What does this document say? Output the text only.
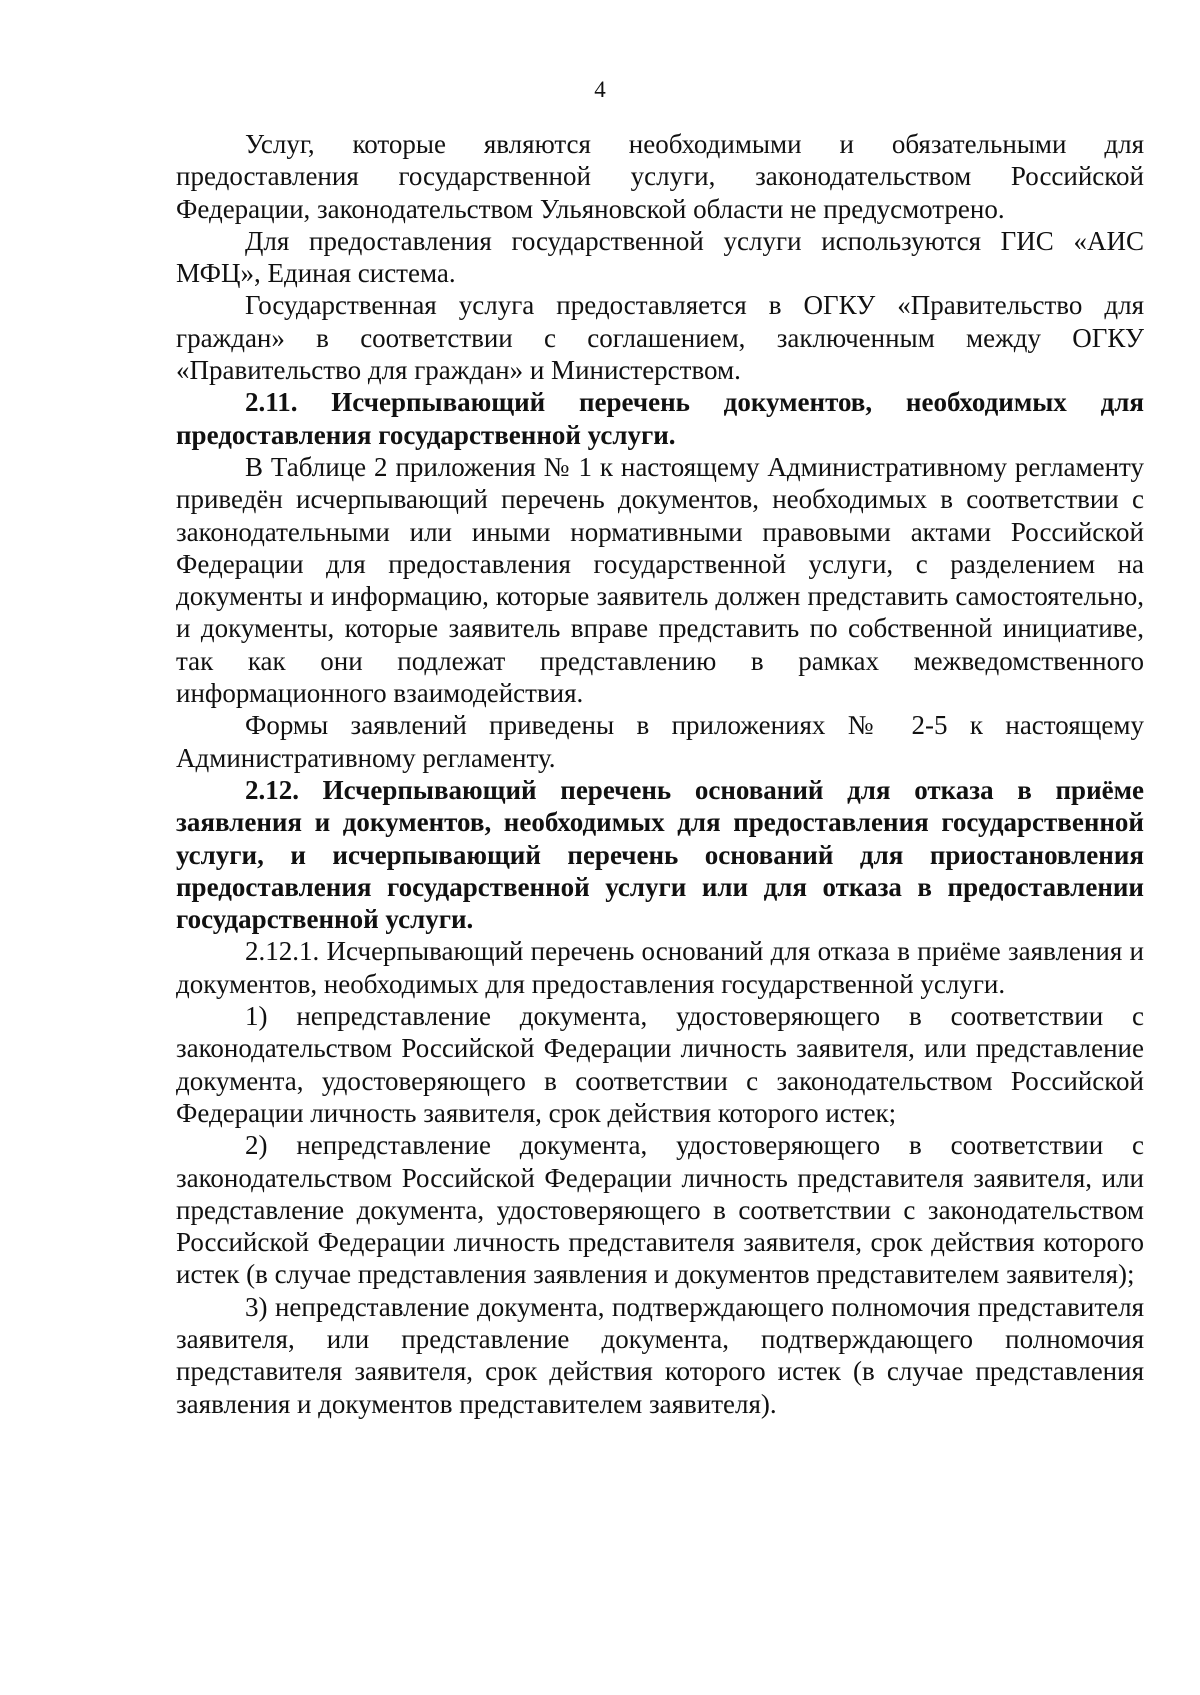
4

Услуг, которые являются необходимыми и обязательными для предоставления государственной услуги, законодательством Российской Федерации, законодательством Ульяновской области не предусмотрено.

Для предоставления государственной услуги используются ГИС «АИС МФЦ», Единая система.

Государственная услуга предоставляется в ОГКУ «Правительство для граждан» в соответствии с соглашением, заключенным между ОГКУ «Правительство для граждан» и Министерством.

2.11. Исчерпывающий перечень документов, необходимых для предоставления государственной услуги.

В Таблице 2 приложения № 1 к настоящему Административному регламенту приведён исчерпывающий перечень документов, необходимых в соответствии с законодательными или иными нормативными правовыми актами Российской Федерации для предоставления государственной услуги, с разделением на документы и информацию, которые заявитель должен представить самостоятельно, и документы, которые заявитель вправе представить по собственной инициативе, так как они подлежат представлению в рамках межведомственного информационного взаимодействия.

Формы заявлений приведены в приложениях № 2-5 к настоящему Административному регламенту.

2.12. Исчерпывающий перечень оснований для отказа в приёме заявления и документов, необходимых для предоставления государственной услуги, и исчерпывающий перечень оснований для приостановления предоставления государственной услуги или для отказа в предоставлении государственной услуги.

2.12.1. Исчерпывающий перечень оснований для отказа в приёме заявления и документов, необходимых для предоставления государственной услуги.

1) непредставление документа, удостоверяющего в соответствии с законодательством Российской Федерации личность заявителя, или представление документа, удостоверяющего в соответствии с законодательством Российской Федерации личность заявителя, срок действия которого истек;

2) непредставление документа, удостоверяющего в соответствии с законодательством Российской Федерации личность представителя заявителя, или представление документа, удостоверяющего в соответствии с законодательством Российской Федерации личность представителя заявителя, срок действия которого истек (в случае представления заявления и документов представителем заявителя);

3) непредставление документа, подтверждающего полномочия представителя заявителя, или представление документа, подтверждающего полномочия представителя заявителя, срок действия которого истек (в случае представления заявления и документов представителем заявителя).
